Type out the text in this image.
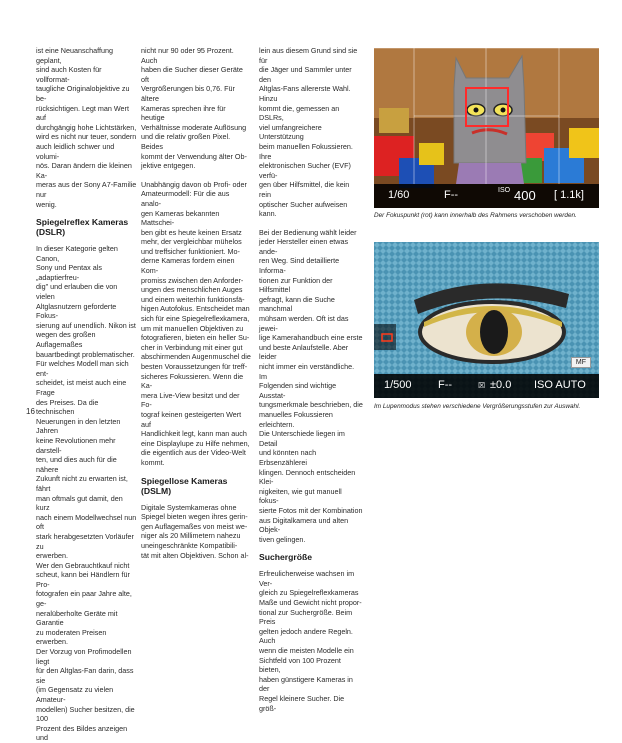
ist eine Neuanschaffung geplant,
sind auch Kosten für vollformat-
taugliche Originalobjektive zu be-
rücksichtigen. Legt man Wert auf
durchgängig hohe Lichtstärken,
wird es nicht nur teuer, sondern
auch leidlich schwer und volumi-
nös. Daran ändern die kleinen Ka-
meras aus der Sony A7-Familie nur
wenig.
Spiegelreflex Kameras (DSLR)
In dieser Kategorie gelten Canon,
Sony und Pentax als „adaptierfreu-
dig" und erlauben die von vielen
Altglasnutzern geforderte Fokus-
sierung auf unendlich. Nikon ist
wegen des großen Auflagemaßes
bauartbedingt problematischer.
Für welches Modell man sich ent-
scheidet, ist meist auch eine Frage
des Preises. Da die technischen
Neuerungen in den letzten Jahren
keine Revolutionen mehr darstell-
ten, und dies auch für die nähere
Zukunft nicht zu erwarten ist, fährt
man oftmals gut damit, den kurz
nach einem Modellwechsel nun oft
stark herabgesetzten Vorläufer zu
erwerben.
Wer den Gebrauchtkauf nicht
scheut, kann bei Händlern für Pro-
fotografen ein paar Jahre alte, ge-
neralüberholte Geräte mit Garantie
zu moderaten Preisen erwerben.
Der Vorzug von Profimodellen liegt
für den Altglas-Fan darin, dass sie
(im Gegensatz zu vielen Amateur-
modellen) Sucher besitzen, die 100
Prozent des Bildes anzeigen und
nicht nur 90 oder 95 Prozent. Auch
haben die Sucher dieser Geräte oft
Vergrößerungen bis 0,76. Für ältere
Kameras sprechen ihre für heutige
Verhältnisse moderate Auflösung
und die relativ großen Pixel. Beides
kommt der Verwendung älter Ob-
jektive entgegen.
Unabhängig davon ob Profi- oder
Amateurmodell: Für die aus analo-
gen Kameras bekannten Mattschei-
ben gibt es heute keinen Ersatz
mehr, der vergleichbar mühelos
und treffsicher funktioniert. Mo-
derne Kameras fordern einen Kom-
promiss zwischen den Anforder-
ungen des menschlichen Auges
und einem weiterhin funktionsfä-
higen Autofokus. Entscheidet man
sich für eine Spiegelreflexkamera,
um mit manuellen Objektiven zu
fotografieren, bieten ein heller Su-
cher in Verbindung mit einer gut
abschirmenden Augenmuschel die
besten Voraussetzungen für treff-
sicheres Fokussieren. Wenn die Ka-
mera Live-View besitzt und der Fo-
tograf keinen gesteigerten Wert auf
Handlichkeit legt, kann man auch
eine Displaylupe zu Hilfe nehmen,
die eigentlich aus der Video-Welt
kommt.
Spiegellose Kameras (DSLM)
Digitale Systemkameras ohne
Spiegel bieten wegen ihres gerin-
gen Auflagemaßes von meist we-
niger als 20 Millimetern nahezu
uneingeschränkte Kompatibili-
tät mit alten Objektiven. Schon al-
lein aus diesem Grund sind sie für
die Jäger und Sammler unter den
Altglas-Fans allererste Wahl. Hinzu
kommt die, gemessen an DSLRs,
viel umfangreichere Unterstützung
beim manuellen Fokussieren. Ihre
elektronischen Sucher (EVF) verfü-
gen über Hilfsmittel, die kein rein
optischer Sucher aufweisen kann.
Bei der Bedienung wählt leider
jeder Hersteller einen etwas ande-
ren Weg. Sind detaillierte Informa-
tionen zur Funktion der Hilfsmittel
gefragt, kann die Suche manchmal
mühsam werden. Oft ist das jewei-
lige Kamerahandbuch eine erste
und beste Anlaufstelle. Aber leider
nicht immer ein verständliche. Im
Folgenden sind wichtige Ausstat-
tungsmerkmale beschrieben, die
manuelles Fokussieren erleichtern.
Die Unterschiede liegen im Detail
und könnten nach Erbsenzählerei
klingen. Dennoch entscheiden Klei-
nigkeiten, wie gut manuell fokus-
sierte Fotos mit der Kombination
aus Digitalkamera und alten Objek-
tiven gelingen.
Suchergröße
Erfreulicherweise wachsen im Ver-
gleich zu Spiegelreflexkameras
Maße und Gewicht nicht propor-
tional zur Suchergröße. Beim Preis
gelten jedoch andere Regeln. Auch
wenn die meisten Modelle ein
Sichtfeld von 100 Prozent bieten,
haben günstigere Kameras in der
Regel kleinere Sucher. Die größ-
1/60	F--	ISO 400 [ 1.1k]
Der Fokuspunkt (rot) kann innerhalb des Rahmens verschoben werden.
MF
1/500 F--	☒ ±0.0 ISO AUTO
Im Lupenmodus stehen verschiedene Vergrößerungsstufen zur Auswahl.
16
